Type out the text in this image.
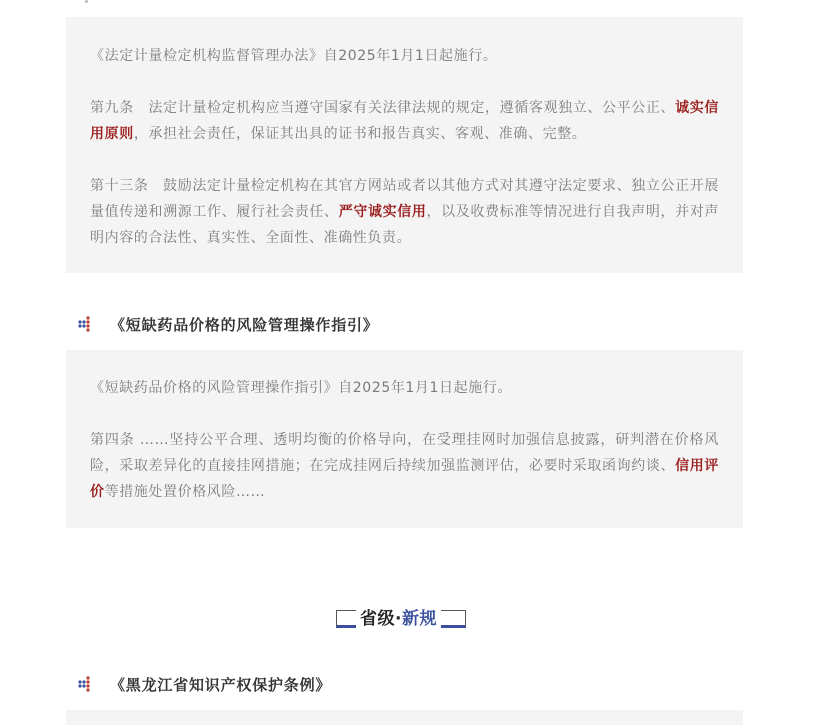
《法定计量检定机构监督管理办法》自2025年1月1日起施行。

第九条　法定计量检定机构应当遵守国家有关法律法规的规定，遵循客观独立、公平公正、诚实信用原则，承担社会责任，保证其出具的证书和报告真实、客观、准确、完整。

第十三条　鼓励法定计量检定机构在其官方网站或者以其他方式对其遵守法定要求、独立公正开展量值传递和溯源工作、履行社会责任、严守诚实信用，以及收费标准等情况进行自我声明，并对声明内容的合法性、真实性、全面性、准确性负责。

《短缺药品价格的风险管理操作指引》

《短缺药品价格的风险管理操作指引》自2025年1月1日起施行。

第四条 ……坚持公平合理、透明均衡的价格导向，在受理挂网时加强信息披露，研判潜在价格风险，采取差异化的直接挂网措施；在完成挂网后持续加强监测评估，必要时采取函询约谈、信用评价等措施处置价格风险……

省级·新规
《黑龙江省知识产权保护条例》
